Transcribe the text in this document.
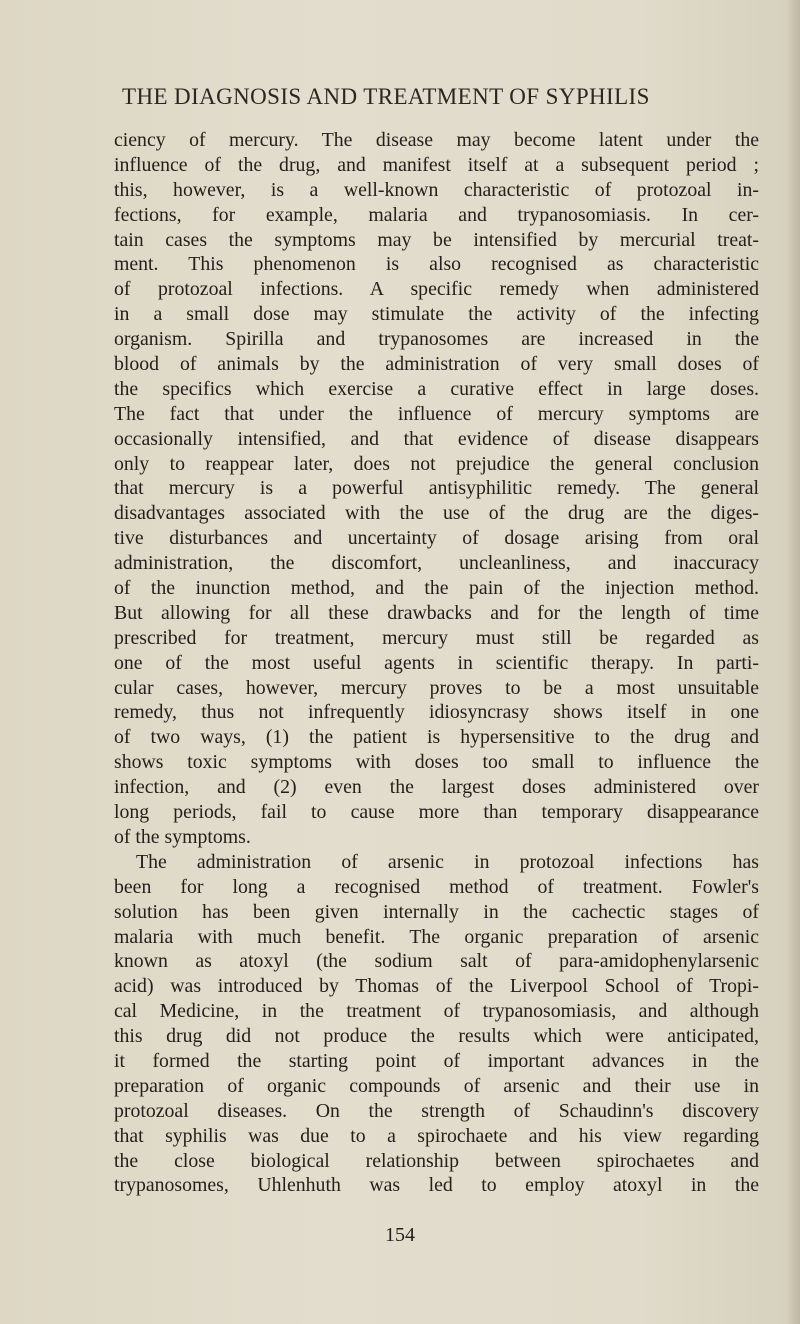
THE DIAGNOSIS AND TREATMENT OF SYPHILIS
ciency of mercury. The disease may become latent under the
influence of the drug, and manifest itself at a subsequent period ;
this, however, is a well-known characteristic of protozoal in-
fections, for example, malaria and trypanosomiasis. In cer-
tain cases the symptoms may be intensified by mercurial treat-
ment. This phenomenon is also recognised as characteristic
of protozoal infections. A specific remedy when administered
in a small dose may stimulate the activity of the infecting
organism. Spirilla and trypanosomes are increased in the
blood of animals by the administration of very small doses of
the specifics which exercise a curative effect in large doses.
The fact that under the influence of mercury symptoms are
occasionally intensified, and that evidence of disease disappears
only to reappear later, does not prejudice the general conclusion
that mercury is a powerful antisyphilitic remedy. The general
disadvantages associated with the use of the drug are the diges-
tive disturbances and uncertainty of dosage arising from oral
administration, the discomfort, uncleanliness, and inaccuracy
of the inunction method, and the pain of the injection method.
But allowing for all these drawbacks and for the length of time
prescribed for treatment, mercury must still be regarded as
one of the most useful agents in scientific therapy. In parti-
cular cases, however, mercury proves to be a most unsuitable
remedy, thus not infrequently idiosyncrasy shows itself in one
of two ways, (1) the patient is hypersensitive to the drug and
shows toxic symptoms with doses too small to influence the
infection, and (2) even the largest doses administered over
long periods, fail to cause more than temporary disappearance
of the symptoms.
The administration of arsenic in protozoal infections has
been for long a recognised method of treatment. Fowler's
solution has been given internally in the cachectic stages of
malaria with much benefit. The organic preparation of arsenic
known as atoxyl (the sodium salt of para-amidophenylarsenic
acid) was introduced by Thomas of the Liverpool School of Tropi-
cal Medicine, in the treatment of trypanosomiasis, and although
this drug did not produce the results which were anticipated,
it formed the starting point of important advances in the
preparation of organic compounds of arsenic and their use in
protozoal diseases. On the strength of Schaudinn's discovery
that syphilis was due to a spirochaete and his view regarding
the close biological relationship between spirochaetes and
trypanosomes, Uhlenhuth was led to employ atoxyl in the
154
